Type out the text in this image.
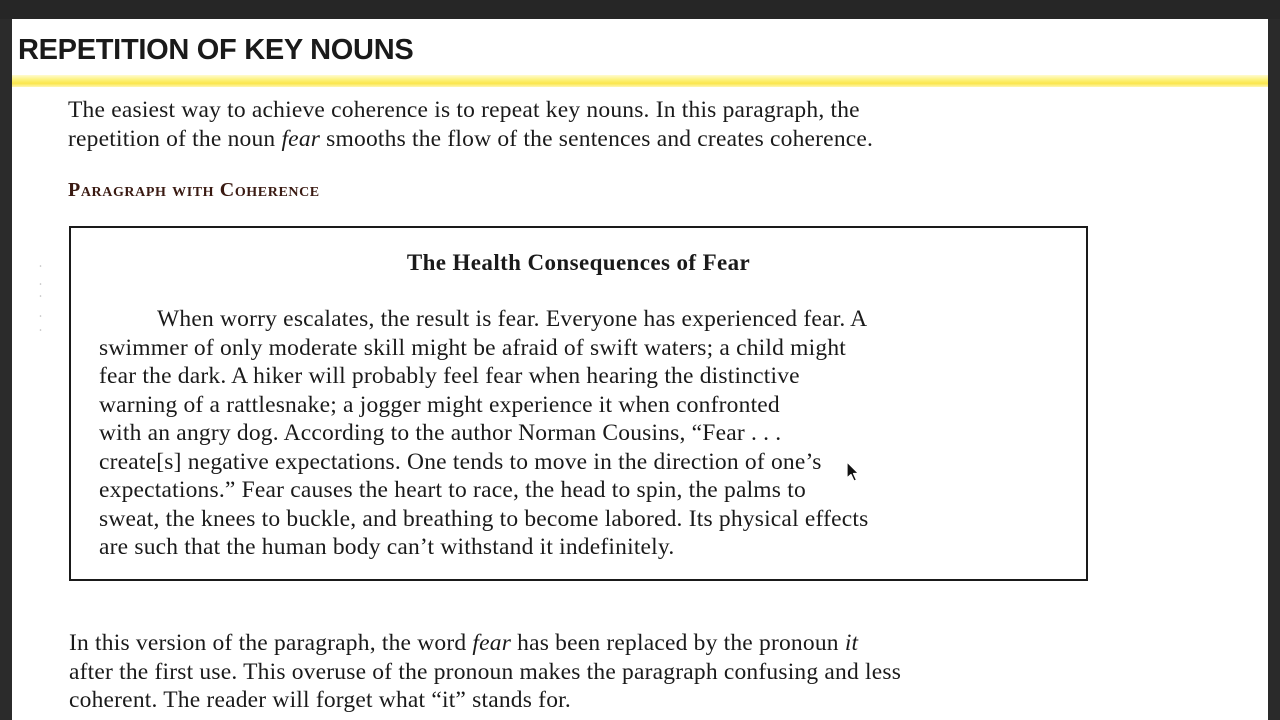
REPETITION OF KEY NOUNS

The easiest way to achieve coherence is to repeat key nouns. In this paragraph, the
repetition of the noun fear smooths the flow of the sentences and creates coherence.

Paragraph with Coherence
The Health Consequences of Fear

When worry escalates, the result is fear. Everyone has experienced fear. A
swimmer of only moderate skill might be afraid of swift waters; a child might
fear the dark. A hiker will probably feel fear when hearing the distinctive
warning of a rattlesnake; a jogger might experience it when confronted
with an angry dog. According to the author Norman Cousins, “Fear . . .
create[s] negative expectations. One tends to move in the direction of one’s
expectations.” Fear causes the heart to race, the head to spin, the palms to
sweat, the knees to buckle, and breathing to become labored. Its physical effects
are such that the human body can’t withstand it indefinitely.

In this version of the paragraph, the word fear has been replaced by the pronoun it
after the first use. This overuse of the pronoun makes the paragraph confusing and less
coherent. The reader will forget what “it” stands for.
